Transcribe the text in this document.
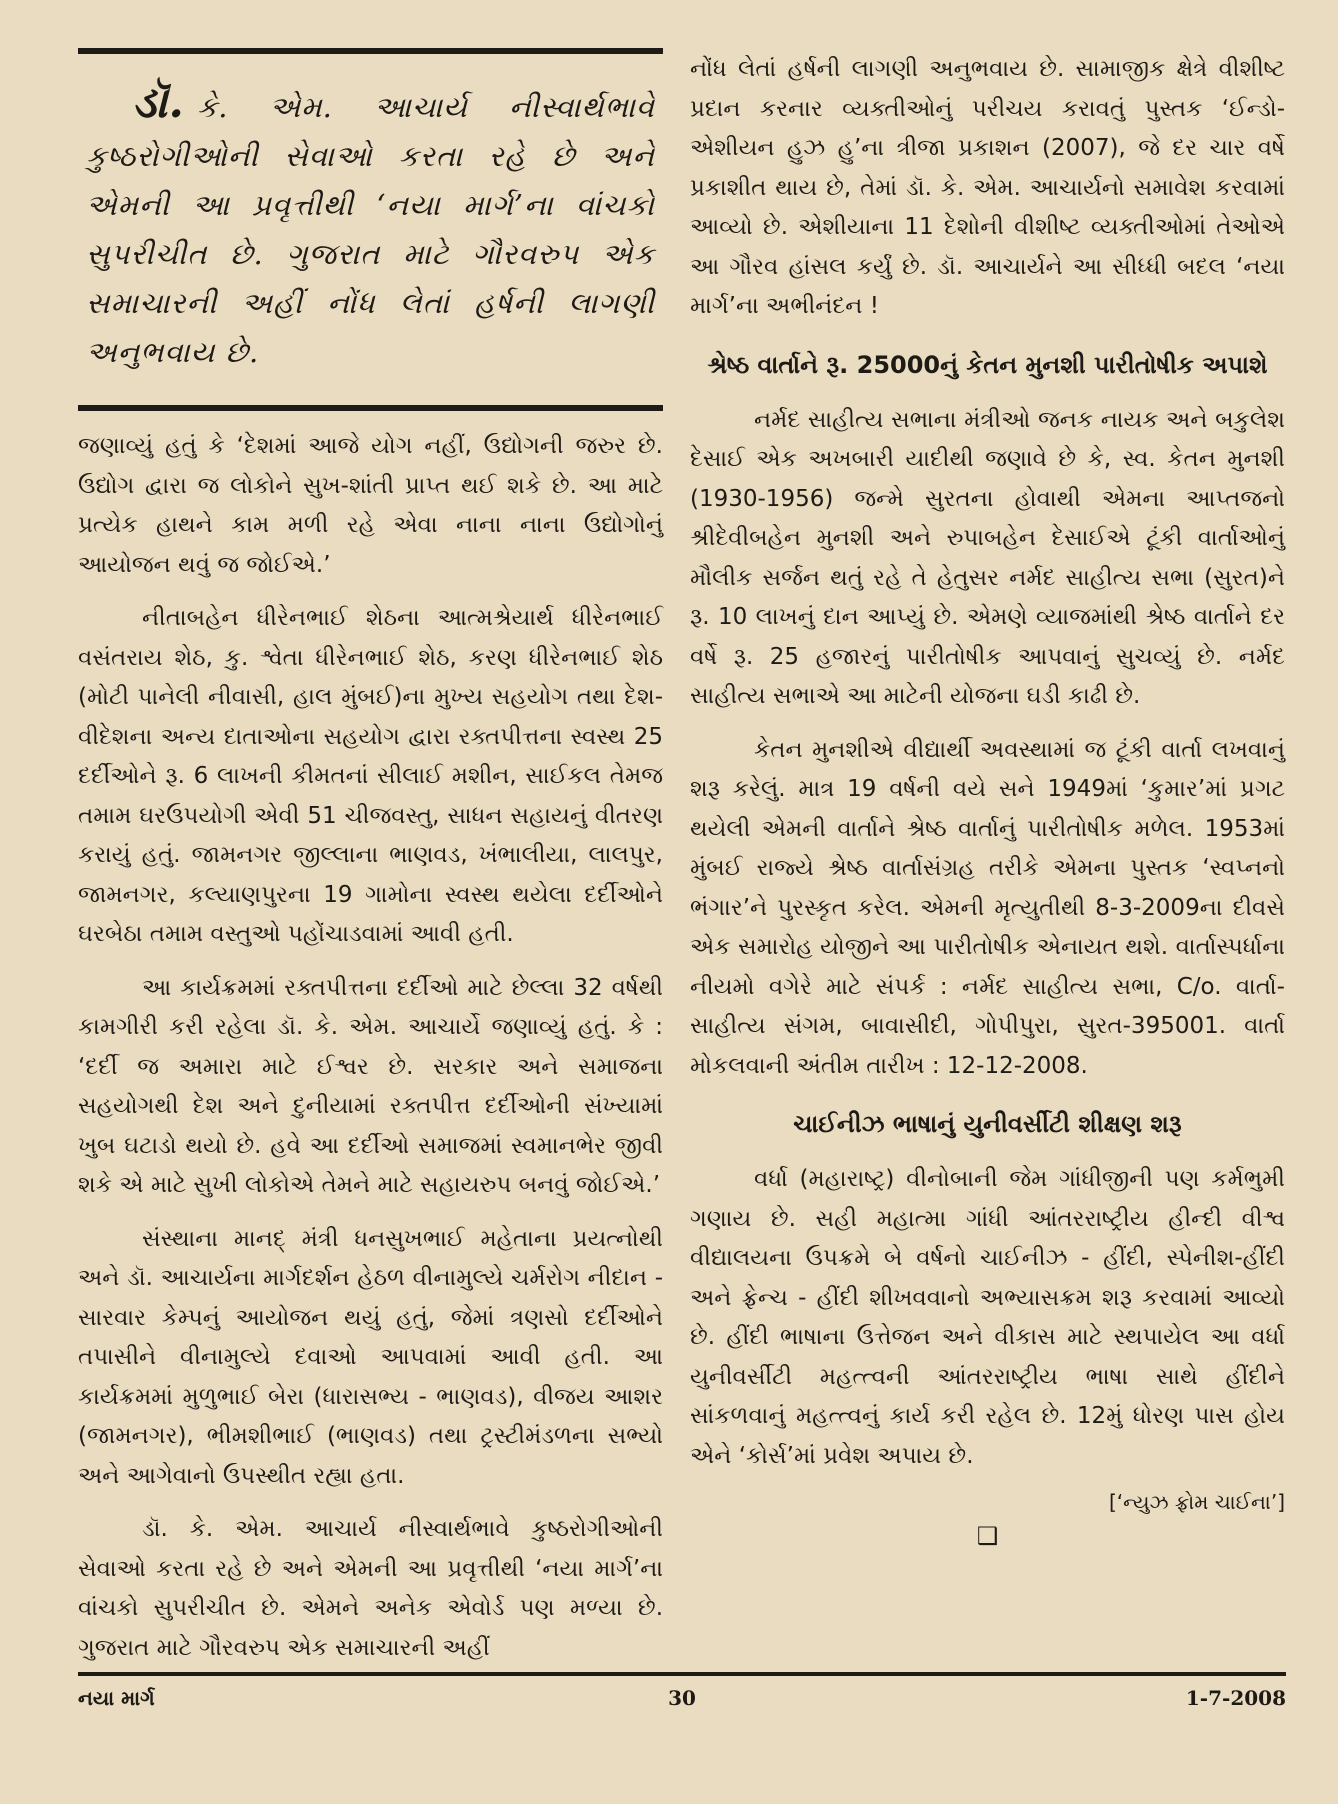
ડૉ. કે. એમ. આચાર્ય નીસ્વાર્થભાવે કુષ્ઠરોગીઓની સેવાઓ કરતા રહે છે અને એમની આ પ્રવૃત્તીથી ‘નયા માર્ગ’ના વાંચકો સુપરીચીત છે. ગુજરાત માટે ગૌરવરુપ એક સમાચારની અહીં નોંધ લેતાં હર્ષની લાગણી અનુભવાય છે.

જણાવ્યું હતું કે ‘દેશમાં આજે યોગ નહીં, ઉદ્યોગની જરુર છે. ઉદ્યોગ દ્વારા જ લોકોને સુખ-શાંતી પ્રાપ્ત થઈ શકે છે. આ માટે પ્રત્યેક હાથને કામ મળી રહે એવા નાના નાના ઉદ્યોગોનું આયોજન થવું જ જોઈએ.’

નીતાબહેન ધીરેનભાઈ શેઠના આત્મશ્રેયાર્થ ધીરેનભાઈ વસંતરાય શેઠ, કુ. શ્વેતા ધીરેનભાઈ શેઠ, કરણ ધીરેનભાઈ શેઠ (મોટી પાનેલી નીવાસી, હાલ મુંબઈ)ના મુખ્ય સહયોગ તથા દેશ- વીદેશના અન્ય દાતાઓના સહયોગ દ્વારા રક્તપીત્તના સ્વસ્થ 25 દર્દીઓને રૂ. 6 લાખની કીમતનાં સીલાઈ મશીન, સાઈકલ તેમજ તમામ ઘરઉપયોગી એવી 51 ચીજવસ્તુ, સાધન સહાયનું વીતરણ કરાયું હતું. જામનગર જીલ્લાના ભાણવડ, ખંભાલીયા, લાલપુર, જામનગર, કલ્યાણપુરના 19 ગામોના સ્વસ્થ થયેલા દર્દીઓને ઘરબેઠા તમામ વસ્તુઓ પહોંચાડવામાં આવી હતી.

આ કાર્યક્રમમાં રક્તપીત્તના દર્દીઓ માટે છેલ્લા 32 વર્ષથી કામગીરી કરી રહેલા ડૉ. કે. એમ. આચાર્યે જણાવ્યું હતું. કે : ‘દર્દી જ અમારા માટે ઈશ્વર છે. સરકાર અને સમાજના સહયોગથી દેશ અને દુનીયામાં રક્તપીત્ત દર્દીઓની સંખ્યામાં ખુબ ઘટાડો થયો છે. હવે આ દર્દીઓ સમાજમાં સ્વમાનભેર જીવી શકે એ માટે સુખી લોકોએ તેમને માટે સહાયરુપ બનવું જોઈએ.’

સંસ્થાના માનદ્ મંત્રી ધનસુખભાઈ મહેતાના પ્રયત્નોથી અને ડૉ. આચાર્યના માર્ગદર્શન હેઠળ વીનામુલ્યે ચર્મરોગ નીદાન - સારવાર કેમ્પનું આયોજન થયું હતું, જેમાં ત્રણસો દર્દીઓને તપાસીને વીનામુલ્યે દવાઓ આપવામાં આવી હતી. આ કાર્યક્રમમાં મુળુભાઈ બેરા (ધારાસભ્ય - ભાણવડ), વીજય આશર (જામનગર), ભીમશીભાઈ (ભાણવડ) તથા ટ્રસ્ટીમંડળના સભ્યો અને આગેવાનો ઉપસ્થીત રહ્યા હતા.

ડૉ. કે. એમ. આચાર્ય નીસ્વાર્થભાવે કુષ્ઠરોગીઓની સેવાઓ કરતા રહે છે અને એમની આ પ્રવૃત્તીથી ‘નયા માર્ગ’ના વાંચકો સુપરીચીત છે. એમને અનેક એવોર્ડ પણ મળ્યા છે. ગુજરાત માટે ગૌરવરુપ એક સમાચારની અહીં

નોંધ લેતાં હર્ષની લાગણી અનુભવાય છે. સામાજીક ક્ષેત્રે વીશીષ્ટ પ્રદાન કરનાર વ્યક્તીઓનું પરીચય કરાવતું પુસ્તક ‘ઈન્ડો-એશીયન હુઝ હુ’ના ત્રીજા પ્રકાશન (2007), જે દર ચાર વર્ષે પ્રકાશીત થાય છે, તેમાં ડૉ. કે. એમ. આચાર્યનો સમાવેશ કરવામાં આવ્યો છે. એશીયાના 11 દેશોની વીશીષ્ટ વ્યક્તીઓમાં તેઓએ આ ગૌરવ હાંસલ કર્યું છે. ડૉ. આચાર્યને આ સીધ્ધી બદલ ‘નયા માર્ગ’ના અભીનંદન !

શ્રેષ્ઠ વાર્તાને રૂ. 25000નું કેતન મુનશી પારીતોષીક અપાશે

નર્મદ સાહીત્ય સભાના મંત્રીઓ જનક નાયક અને બકુલેશ દેસાઈ એક અખબારી યાદીથી જણાવે છે કે, સ્વ. કેતન મુનશી (1930-1956) જન્મે સુરતના હોવાથી એમના આપ્તજનો શ્રીદેવીબહેન મુનશી અને રુપાબહેન દેસાઈએ ટૂંકી વાર્તાઓનું મૌલીક સર્જન થતું રહે તે હેતુસર નર્મદ સાહીત્ય સભા (સુરત)ને રૂ. 10 લાખનું દાન આપ્યું છે. એમણે વ્યાજમાંથી શ્રેષ્ઠ વાર્તાને દર વર્ષે રૂ. 25 હજારનું પારીતોષીક આપવાનું સુચવ્યું છે. નર્મદ સાહીત્ય સભાએ આ માટેની યોજના ઘડી કાઢી છે.

કેતન મુનશીએ વીદ્યાર્થી અવસ્થામાં જ ટૂંકી વાર્તા લખવાનું શરૂ કરેલું. માત્ર 19 વર્ષની વયે સને 1949માં ‘કુમાર’માં પ્રગટ થયેલી એમની વાર્તાને શ્રેષ્ઠ વાર્તાનું પારીતોષીક મળેલ. 1953માં મુંબઈ રાજ્યે શ્રેષ્ઠ વાર્તાસંગ્રહ તરીકે એમના પુસ્તક ‘સ્વપ્નનો ભંગાર’ને પુરસ્કૃત કરેલ. એમની મૃત્યુતીથી 8-3-2009ના દીવસે એક સમારોહ યોજીને આ પારીતોષીક એનાયત થશે. વાર્તાસ્પર્ધાના નીયમો વગેરે માટે સંપર્ક : નર્મદ સાહીત્ય સભા, C/o. વાર્તા- સાહીત્ય સંગમ, બાવાસીદી, ગોપીપુરા, સુરત-395001. વાર્તા મોકલવાની અંતીમ તારીખ : 12-12-2008.

ચાઈનીઝ ભાષાનું યુનીવર્સીટી શીક્ષણ શરૂ

વર્ધા (મહારાષ્ટ્ર) વીનોબાની જેમ ગાંધીજીની પણ કર્મભુમી ગણાય છે. સહી મહાત્મા ગાંધી આંતરરાષ્ટ્રીય હીન્દી વીશ્વ વીદ્યાલયના ઉપક્રમે બે વર્ષનો ચાઈનીઝ - હીંદી, સ્પેનીશ-હીંદી અને ફ્રેન્ચ - હીંદી શીખવવાનો અભ્યાસક્રમ શરૂ કરવામાં આવ્યો છે. હીંદી ભાષાના ઉત્તેજન અને વીકાસ માટે સ્થપાયેલ આ વર્ધા યુનીવર્સીટી મહત્ત્વની આંતરરાષ્ટ્રીય ભાષા સાથે હીંદીને સાંકળવાનું મહત્ત્વનું કાર્ય કરી રહેલ છે. 12મું ધોરણ પાસ હોય એને ‘કોર્સ’માં પ્રવેશ અપાય છે.

[‘ન્યુઝ ફ્રોમ ચાઈના’]
❑
નયા માર્ગ	30	1-7-2008
